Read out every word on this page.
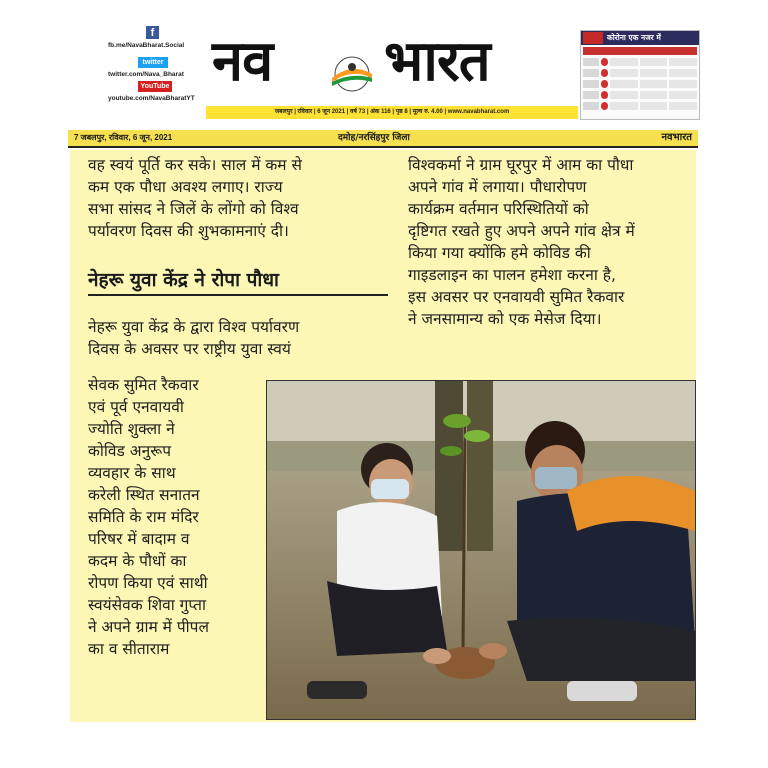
f
fb.me/NavaBharat.Social
twitter
twitter.com/Nava_Bharat
YouTube
youtube.com/NavaBharatYT
नव भारत
जबलपुर | रविवार | 6 जून 2021 | वर्ष 73 | अंक 116 | पृष्ठ 8 | मूल्य रु. 4.00 | www.navabharat.com
कोरोना एक नजर में
7 जबलपुर, रविवार, 6 जून, 2021	दमोह/नरसिंहपुर जिला	नवभारत
वह स्वयं पूर्ति कर सके। साल में कम से
कम एक पौधा अवश्य लगाए। राज्य
सभा सांसद ने जिलें के लोंगो को विश्व
पर्यावरण दिवस की शुभकामनाएं दी।
नेहरू युवा केंद्र ने रोपा पौधा
नेहरू युवा केंद्र के द्वारा विश्व पर्यावरण
दिवस के अवसर पर राष्ट्रीय युवा स्वयं
सेवक सुमित रैकवार
एवं पूर्व एनवायवी
ज्योति शुक्ला ने
कोविड अनुरूप
व्यवहार के साथ
करेली स्थित सनातन
समिति के राम मंदिर
परिषर में बादाम व
कदम के पौधों का
रोपण किया एवं साथी
स्वयंसेवक शिवा गुप्ता
ने अपने ग्राम में पीपल
का व सीताराम
विश्वकर्मा ने ग्राम घूरपुर में आम का पौधा
अपने गांव में लगाया। पौधारोपण
कार्यक्रम वर्तमान परिस्थितियों को
दृष्टिगत रखते हुए अपने अपने गांव क्षेत्र में
किया गया क्योंकि हमे कोविड की
गाइडलाइन का पालन हमेशा करना है,
इस अवसर पर एनवायवी सुमित रैकवार
ने जनसामान्य को एक मेसेज दिया।
